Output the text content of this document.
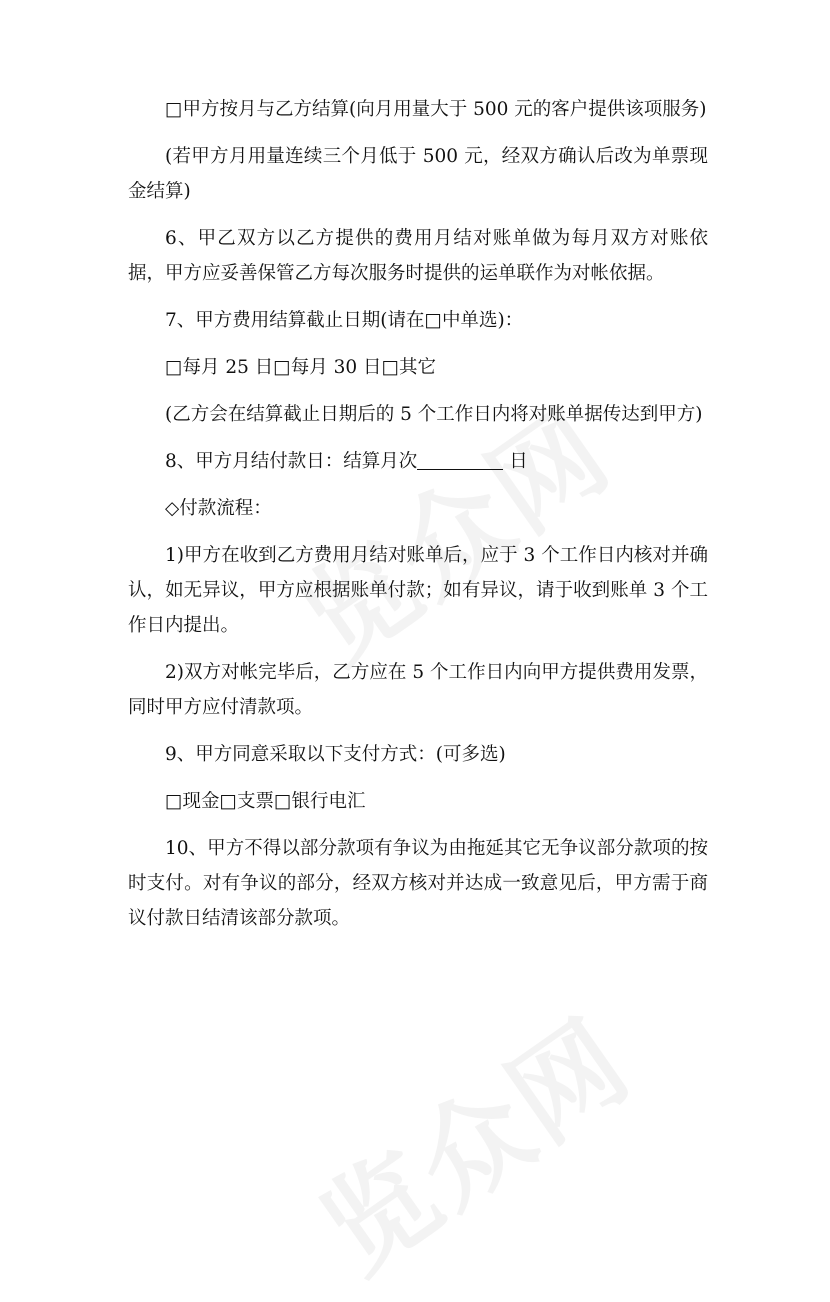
□甲方按月与乙方结算(向月用量大于 500 元的客户提供该项服务)

(若甲方月用量连续三个月低于 500 元，经双方确认后改为单票现金结算)

6、甲乙双方以乙方提供的费用月结对账单做为每月双方对账依据，甲方应妥善保管乙方每次服务时提供的运单联作为对帐依据。

7、甲方费用结算截止日期(请在□中单选)：

□每月 25 日□每月 30 日□其它

(乙方会在结算截止日期后的 5 个工作日内将对账单据传达到甲方)

8、甲方月结付款日：结算月次	日

◇付款流程：

1)甲方在收到乙方费用月结对账单后，应于 3 个工作日内核对并确认，如无异议，甲方应根据账单付款；如有异议，请于收到账单 3 个工作日内提出。

2)双方对帐完毕后，乙方应在 5 个工作日内向甲方提供费用发票，同时甲方应付清款项。

9、甲方同意采取以下支付方式：(可多选)

□现金□支票□银行电汇

10、甲方不得以部分款项有争议为由拖延其它无争议部分款项的按时支付。对有争议的部分，经双方核对并达成一致意见后，甲方需于商议付款日结清该部分款项。
